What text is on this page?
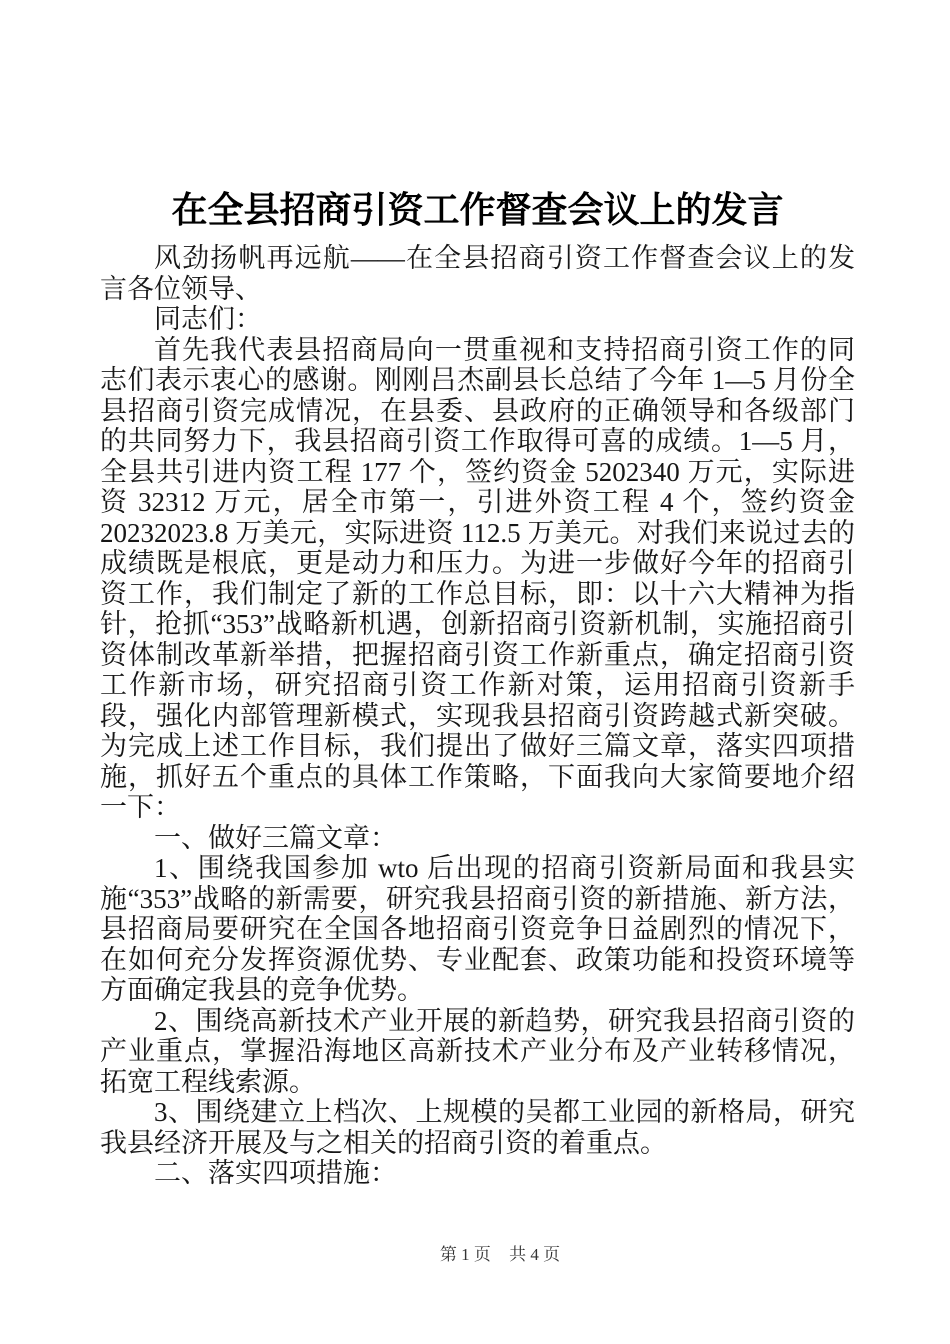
在全县招商引资工作督查会议上的发言

风劲扬帆再远航——在全县招商引资工作督查会议上的发言各位领导、

同志们：

首先我代表县招商局向一贯重视和支持招商引资工作的同志们表示衷心的感谢。刚刚吕杰副县长总结了今年 1—5 月份全县招商引资完成情况，在县委、县政府的正确领导和各级部门的共同努力下，我县招商引资工作取得可喜的成绩。1—5 月，全县共引进内资工程 177 个，签约资金 5202340 万元，实际进资 32312 万元，居全市第一，引进外资工程 4 个，签约资金 20232023.8 万美元，实际进资 112.5 万美元。对我们来说过去的成绩既是根底，更是动力和压力。为进一步做好今年的招商引资工作，我们制定了新的工作总目标，即：以十六大精神为指针，抢抓“353”战略新机遇，创新招商引资新机制，实施招商引资体制改革新举措，把握招商引资工作新重点，确定招商引资工作新市场，研究招商引资工作新对策，运用招商引资新手段，强化内部管理新模式，实现我县招商引资跨越式新突破。为完成上述工作目标，我们提出了做好三篇文章，落实四项措施，抓好五个重点的具体工作策略，下面我向大家简要地介绍一下：

一、做好三篇文章：

1、围绕我国参加 wto 后出现的招商引资新局面和我县实施“353”战略的新需要，研究我县招商引资的新措施、新方法，县招商局要研究在全国各地招商引资竞争日益剧烈的情况下，在如何充分发挥资源优势、专业配套、政策功能和投资环境等方面确定我县的竞争优势。

2、围绕高新技术产业开展的新趋势，研究我县招商引资的产业重点，掌握沿海地区高新技术产业分布及产业转移情况，拓宽工程线索源。

3、围绕建立上档次、上规模的吴都工业园的新格局，研究我县经济开展及与之相关的招商引资的着重点。

二、落实四项措施：

第 1 页 共 4 页
